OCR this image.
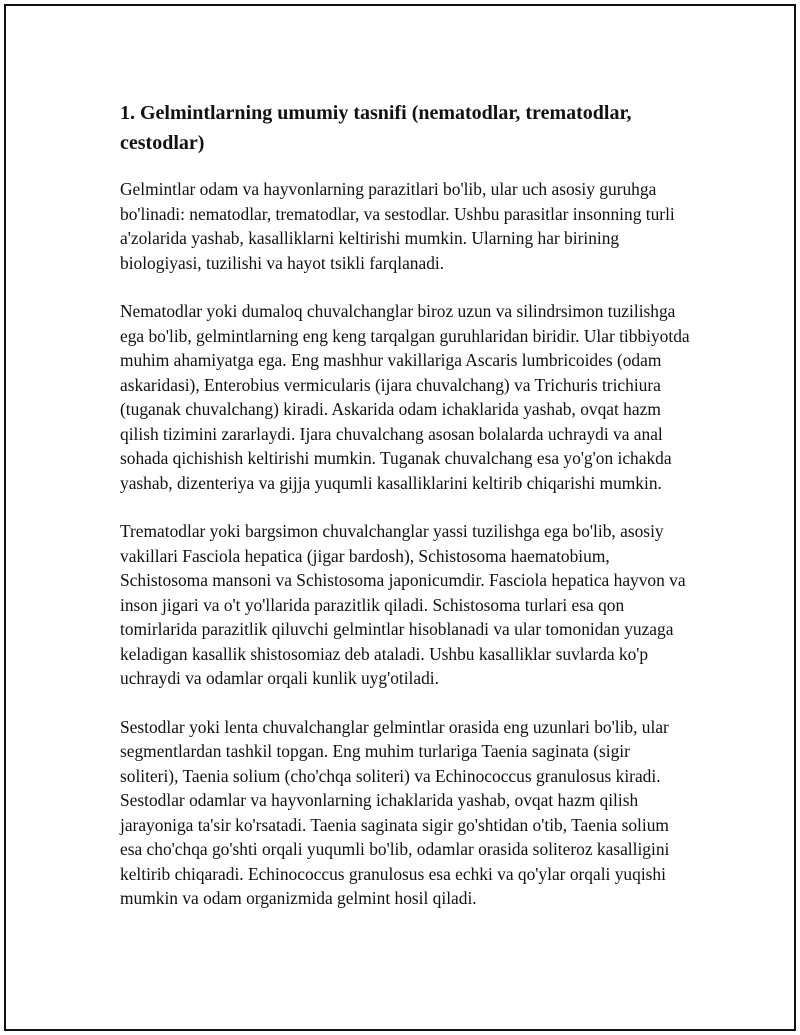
1. Gelmintlarning umumiy tasnifi (nematodlar, trematodlar, cestodlar)

Gelmintlar odam va hayvonlarning parazitlari bo'lib, ular uch asosiy guruhga bo'linadi: nematodlar, trematodlar, va sestodlar. Ushbu parasitlar insonning turli a'zolarida yashab, kasalliklarni keltirishi mumkin. Ularning har birining biologiyasi, tuzilishi va hayot tsikli farqlanadi.

Nematodlar yoki dumaloq chuvalchanglar biroz uzun va silindrsimon tuzilishga ega bo'lib, gelmintlarning eng keng tarqalgan guruhlaridan biridir. Ular tibbiyotda muhim ahamiyatga ega. Eng mashhur vakillariga Ascaris lumbricoides (odam askaridasi), Enterobius vermicularis (ijara chuvalchang) va Trichuris trichiura (tuganak chuvalchang) kiradi. Askarida odam ichaklarida yashab, ovqat hazm qilish tizimini zararlaydi. Ijara chuvalchang asosan bolalarda uchraydi va anal sohada qichishish keltirishi mumkin. Tuganak chuvalchang esa yo'g'on ichakda yashab, dizenteriya va gijja yuqumli kasalliklarini keltirib chiqarishi mumkin.

Trematodlar yoki bargsimon chuvalchanglar yassi tuzilishga ega bo'lib, asosiy vakillari Fasciola hepatica (jigar bardosh), Schistosoma haematobium, Schistosoma mansoni va Schistosoma japonicumdir. Fasciola hepatica hayvon va inson jigari va o't yo'llarida parazitlik qiladi. Schistosoma turlari esa qon tomirlarida parazitlik qiluvchi gelmintlar hisoblanadi va ular tomonidan yuzaga keladigan kasallik shistosomiaz deb ataladi. Ushbu kasalliklar suvlarda ko'p uchraydi va odamlar orqali kunlik uyg'otiladi.

Sestodlar yoki lenta chuvalchanglar gelmintlar orasida eng uzunlari bo'lib, ular segmentlardan tashkil topgan. Eng muhim turlariga Taenia saginata (sigir soliteri), Taenia solium (cho'chqa soliteri) va Echinococcus granulosus kiradi. Sestodlar odamlar va hayvonlarning ichaklarida yashab, ovqat hazm qilish jarayoniga ta'sir ko'rsatadi. Taenia saginata sigir go'shtidan o'tib, Taenia solium esa cho'chqa go'shti orqali yuqumli bo'lib, odamlar orasida soliteroz kasalligini keltirib chiqaradi. Echinococcus granulosus esa echki va qo'ylar orqali yuqishi mumkin va odam organizmida gelmint hosil qiladi.
